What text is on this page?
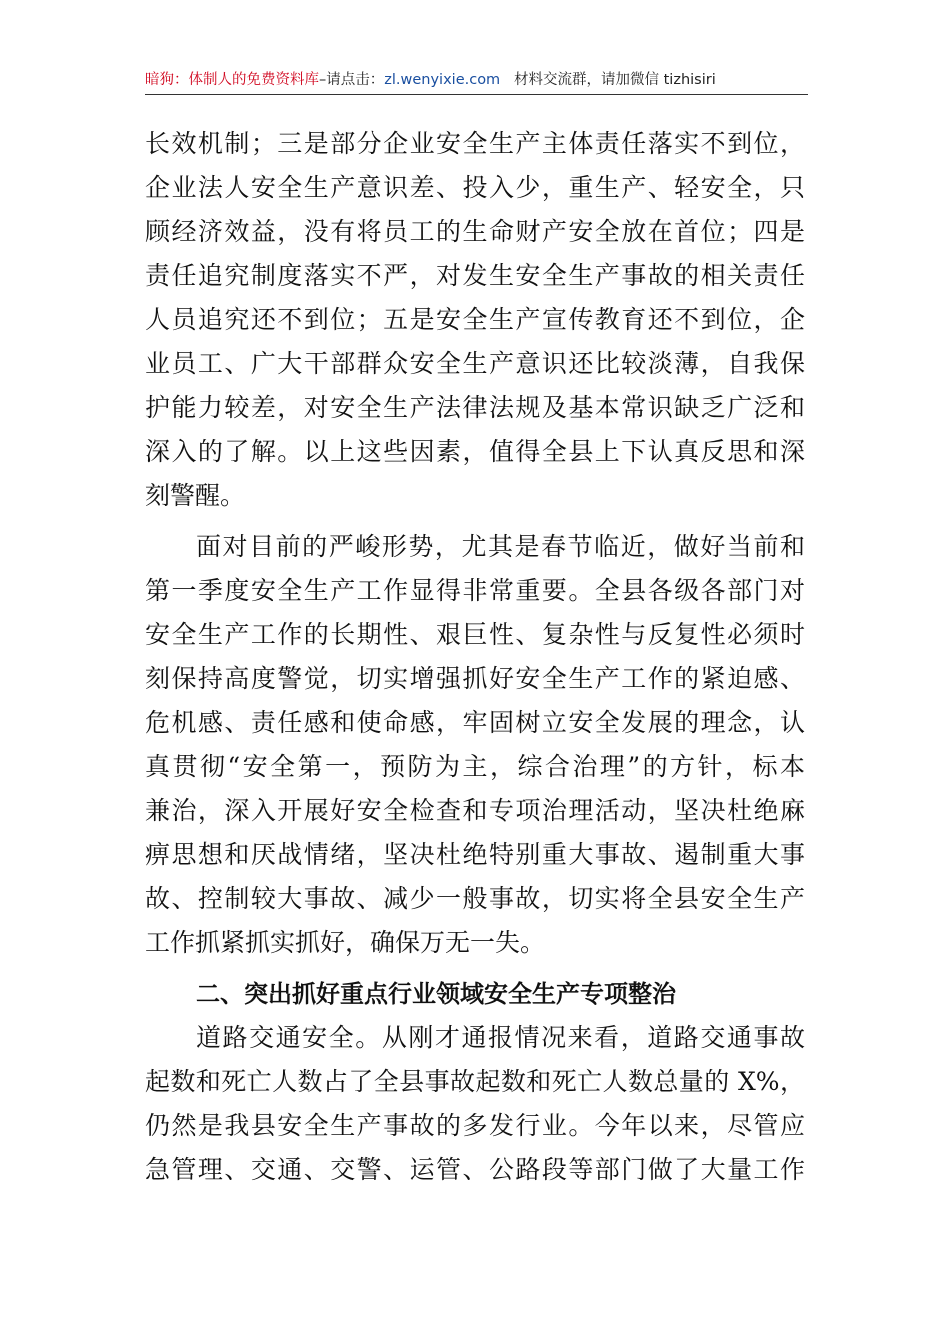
暗狗：体制人的免费资料库–请点击：zl.wenyixie.com 材料交流群，请加微信 tizhisiri
长效机制；三是部分企业安全生产主体责任落实不到位，
企业法人安全生产意识差、投入少，重生产、轻安全，只
顾经济效益，没有将员工的生命财产安全放在首位；四是
责任追究制度落实不严，对发生安全生产事故的相关责任
人员追究还不到位；五是安全生产宣传教育还不到位，企
业员工、广大干部群众安全生产意识还比较淡薄，自我保
护能力较差，对安全生产法律法规及基本常识缺乏广泛和
深入的了解。以上这些因素，值得全县上下认真反思和深
刻警醒。
面对目前的严峻形势，尤其是春节临近，做好当前和
第一季度安全生产工作显得非常重要。全县各级各部门对
安全生产工作的长期性、艰巨性、复杂性与反复性必须时
刻保持高度警觉，切实增强抓好安全生产工作的紧迫感、
危机感、责任感和使命感，牢固树立安全发展的理念，认
真贯彻“安全第一，预防为主，综合治理”的方针，标本
兼治，深入开展好安全检查和专项治理活动，坚决杜绝麻
痹思想和厌战情绪，坚决杜绝特别重大事故、遏制重大事
故、控制较大事故、减少一般事故，切实将全县安全生产
工作抓紧抓实抓好，确保万无一失。
二、突出抓好重点行业领域安全生产专项整治
道路交通安全。从刚才通报情况来看，道路交通事故
起数和死亡人数占了全县事故起数和死亡人数总量的 X%，
仍然是我县安全生产事故的多发行业。今年以来，尽管应
急管理、交通、交警、运管、公路段等部门做了大量工作
